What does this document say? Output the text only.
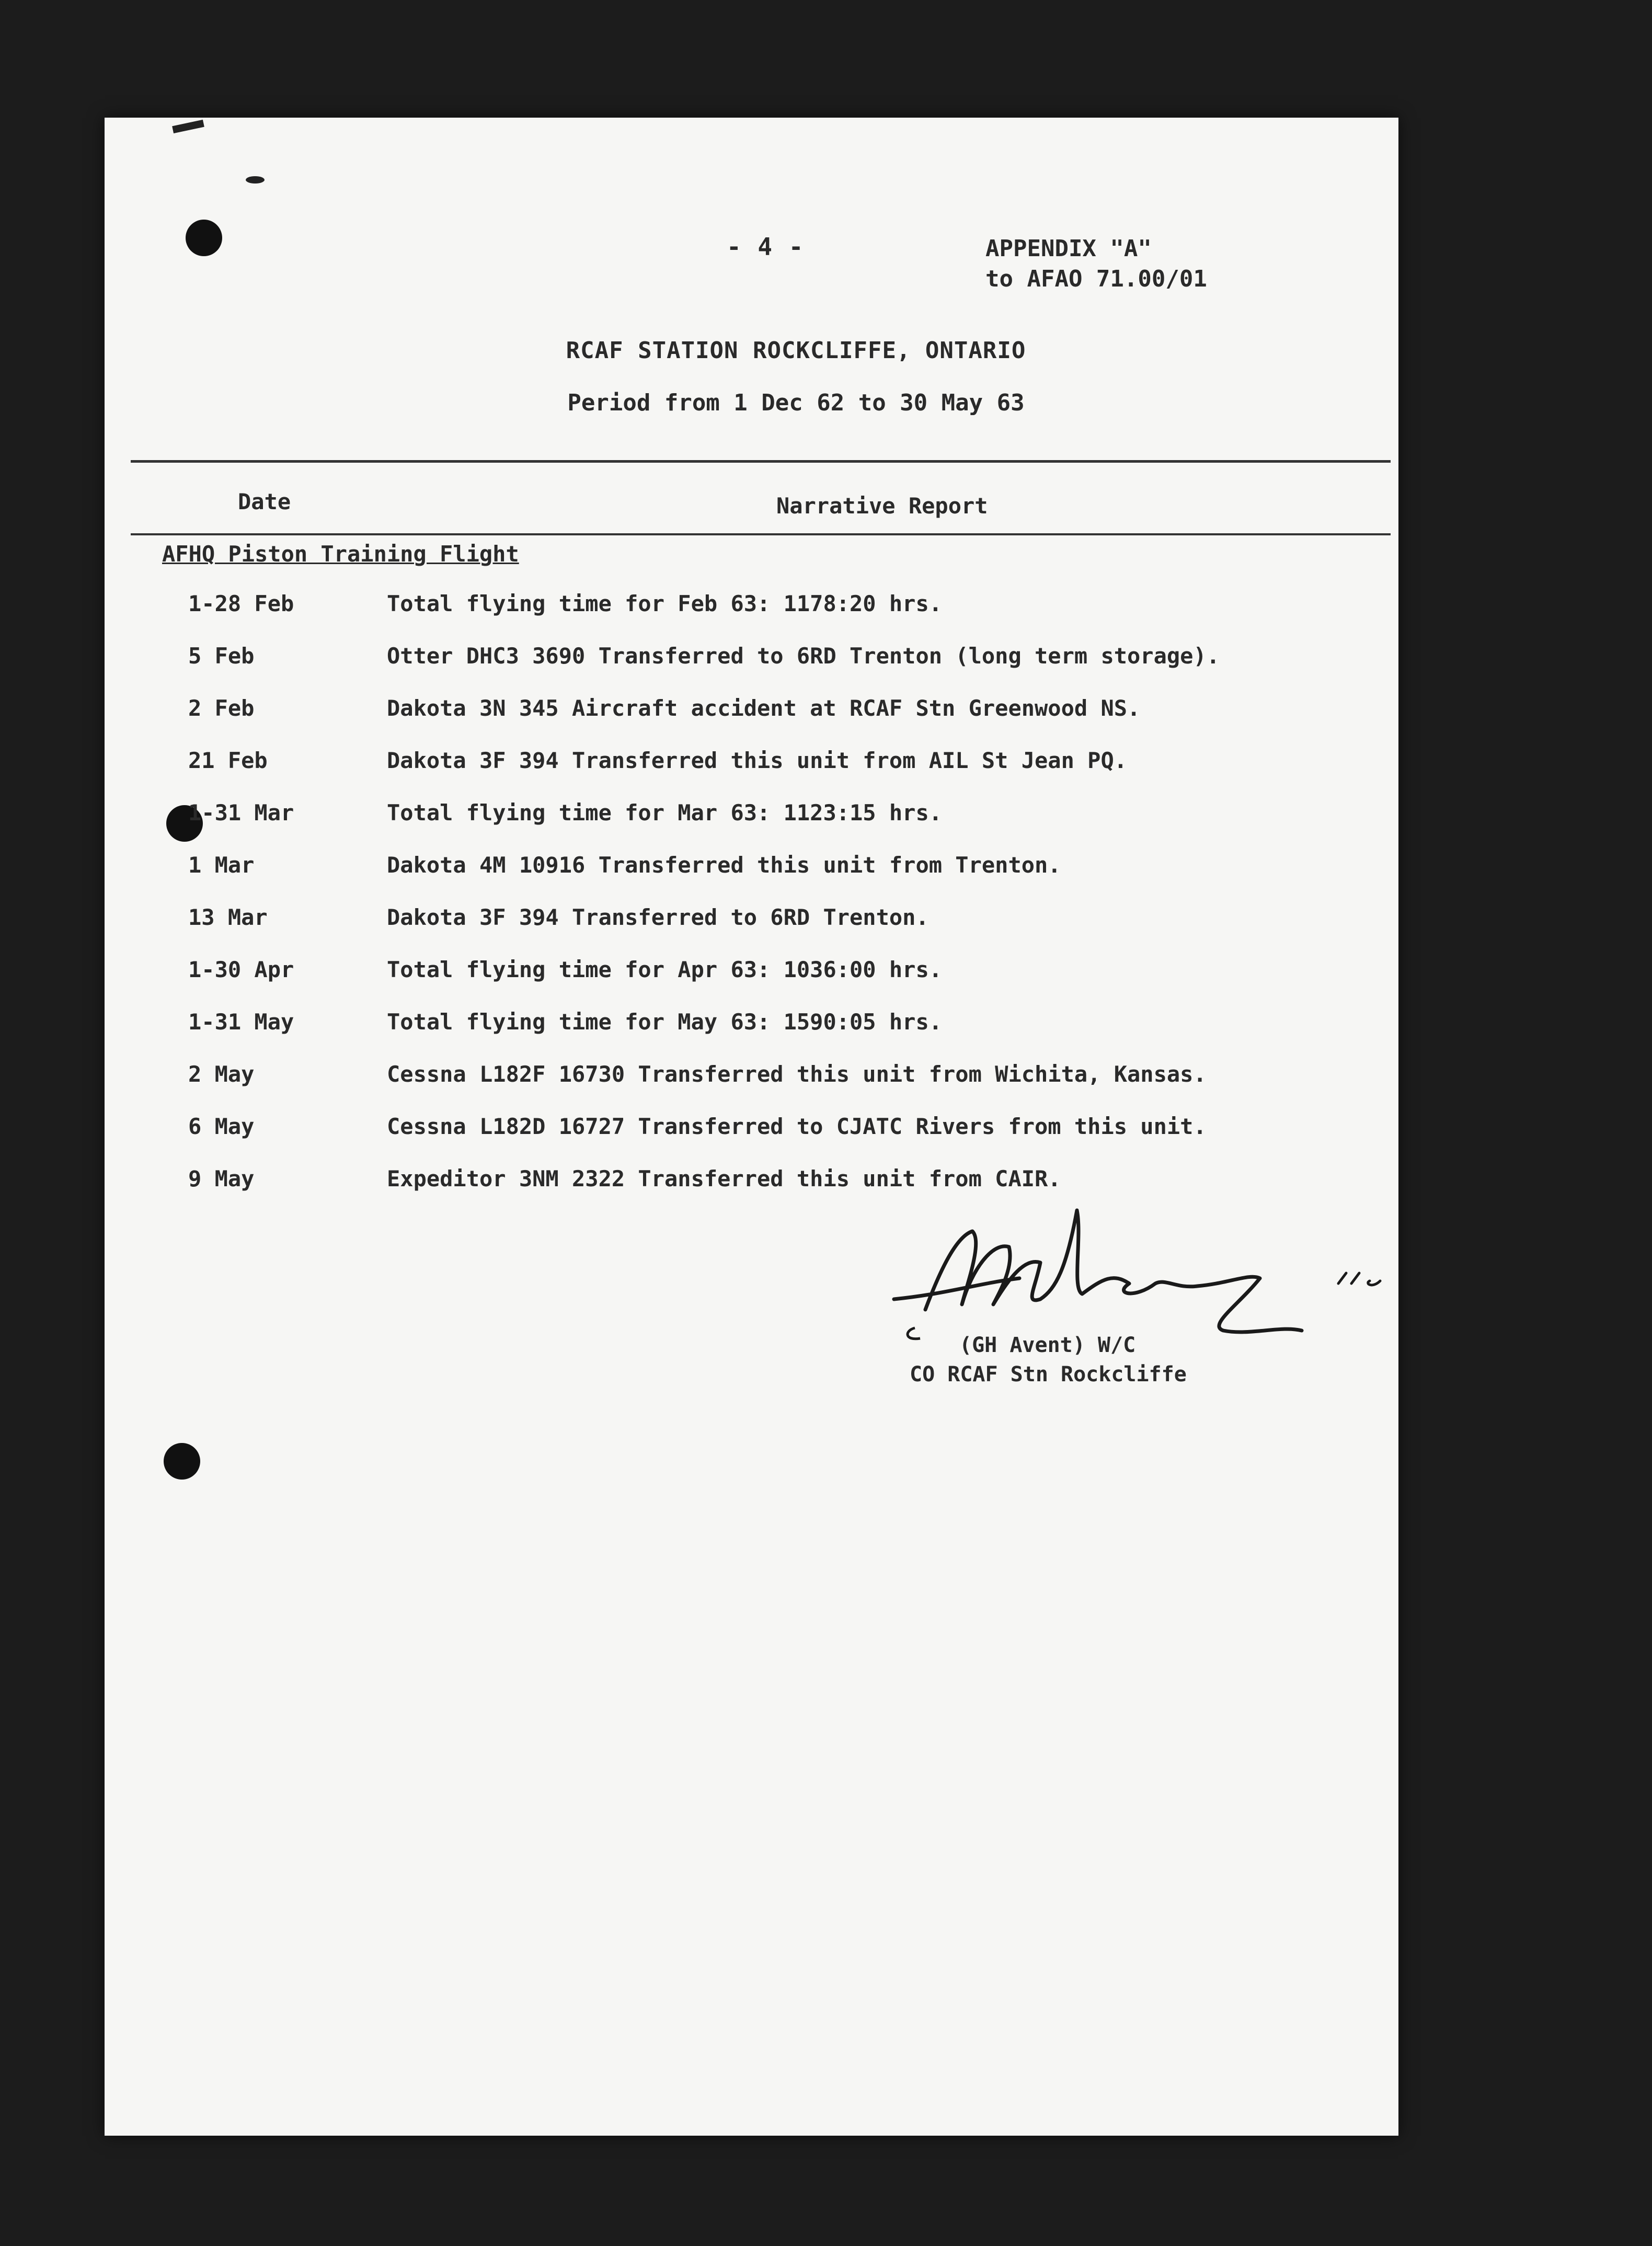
- 4 -	APPENDIX "A"
to AFAO 71.00/01
RCAF STATION ROCKCLIFFE, ONTARIO
Period from 1 Dec 62 to 30 May 63
Date	Narrative Report
AFHQ Piston Training Flight
1-28 Feb	Total flying time for Feb 63: 1178:20 hrs.
5 Feb	Otter DHC3 3690 Transferred to 6RD Trenton (long term storage).
2 Feb	Dakota 3N 345 Aircraft accident at RCAF Stn Greenwood NS.
21 Feb	Dakota 3F 394 Transferred this unit from AIL St Jean PQ.
1-31 Mar	Total flying time for Mar 63: 1123:15 hrs.
1 Mar	Dakota 4M 10916 Transferred this unit from Trenton.
13 Mar	Dakota 3F 394 Transferred to 6RD Trenton.
1-30 Apr	Total flying time for Apr 63: 1036:00 hrs.
1-31 May	Total flying time for May 63: 1590:05 hrs.
2 May	Cessna L182F 16730 Transferred this unit from Wichita, Kansas.
6 May	Cessna L182D 16727 Transferred to CJATC Rivers from this unit.
9 May	Expeditor 3NM 2322 Transferred this unit from CAIR.
(GH Avent) W/C
CO RCAF Stn Rockcliffe
